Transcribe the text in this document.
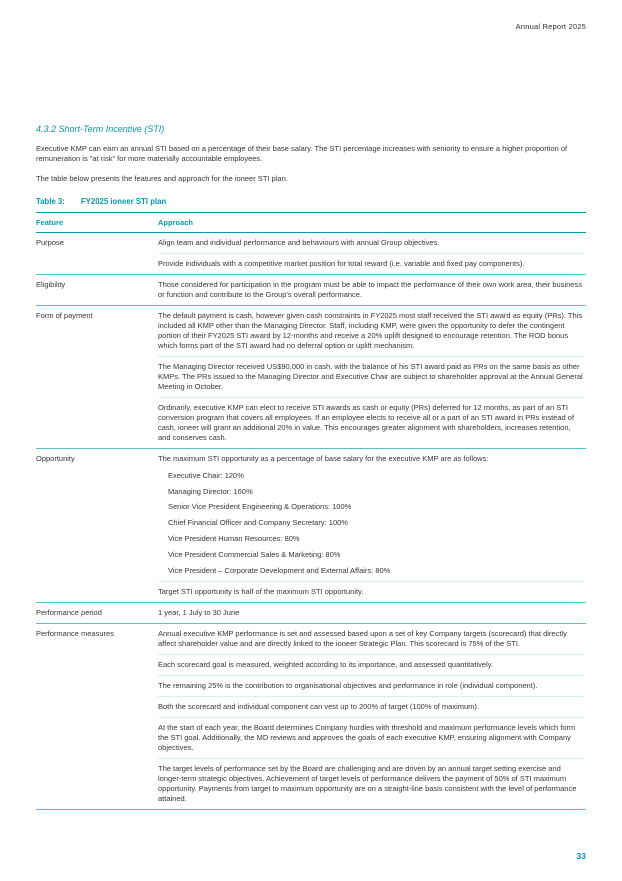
Annual Report 2025
4.3.2 Short-Term Incentive (STI)

Executive KMP can earn an annual STI based on a percentage of their base salary. The STI percentage increases with seniority to ensure a higher proportion of remuneration is "at risk" for more materially accountable employees.

The table below presents the features and approach for the ioneer STI plan.

Table 3: FY2025 ioneer STI plan
Feature	Approach
Purpose	Align team and individual performance and behaviours with annual Group objectives.
Provide individuals with a competitive market position for total reward (i.e. variable and fixed pay components).
Eligibility	Those considered for participation in the program must be able to impact the performance of their own work area, their business or function and contribute to the Group's overall performance.
Form of payment	The default payment is cash, however given cash constraints in FY2025 most staff received the STI award as equity (PRs). This included all KMP other than the Managing Director. Staff, including KMP, were given the opportunity to defer the contingent portion of their FY2025 STI award by 12-months and receive a 20% uplift designed to encourage retention. The ROD bonus which forms part of the STI award had no deferral option or uplift mechanism.
The Managing Director received US$90,000 in cash, with the balance of his STI award paid as PRs on the same basis as other KMPs. The PRs issued to the Managing Director and Executive Chair are subject to shareholder approval at the Annual General Meeting in October.
Ordinarily, executive KMP can elect to receive STI awards as cash or equity (PRs) deferred for 12 months, as part of an STI conversion program that covers all employees. If an employee elects to receive all or a part of an STI award in PRs instead of cash, ioneer will grant an additional 20% in value. This encourages greater alignment with shareholders, increases retention, and conserves cash.
Opportunity	The maximum STI opportunity as a percentage of base salary for the executive KMP are as follows:
Executive Chair: 120%
Managing Director: 160%
Senior Vice President Engineering & Operations: 100%
Chief Financial Officer and Company Secretary: 100%
Vice President Human Resources: 80%
Vice President Commercial Sales & Marketing: 80%
Vice President – Corporate Development and External Affairs: 80%
Target STI opportunity is half of the maximum STI opportunity.
Performance period	1 year, 1 July to 30 June
Performance measures	Annual executive KMP performance is set and assessed based upon a set of key Company targets (scorecard) that directly affect shareholder value and are directly linked to the ioneer Strategic Plan. This scorecard is 75% of the STI.
Each scorecard goal is measured, weighted according to its importance, and assessed quantitatively.
The remaining 25% is the contribution to organisational objectives and performance in role (individual component).
Both the scorecard and individual component can vest up to 200% of target (100% of maximum).
At the start of each year, the Board determines Company hurdles with threshold and maximum performance levels which form the STI goal. Additionally, the MD reviews and approves the goals of each executive KMP, ensuring alignment with Company objectives.
The target levels of performance set by the Board are challenging and are driven by an annual target setting exercise and longer-term strategic objectives. Achievement of target levels of performance delivers the payment of 50% of STI maximum opportunity. Payments from target to maximum opportunity are on a straight-line basis consistent with the level of performance attained.
33
